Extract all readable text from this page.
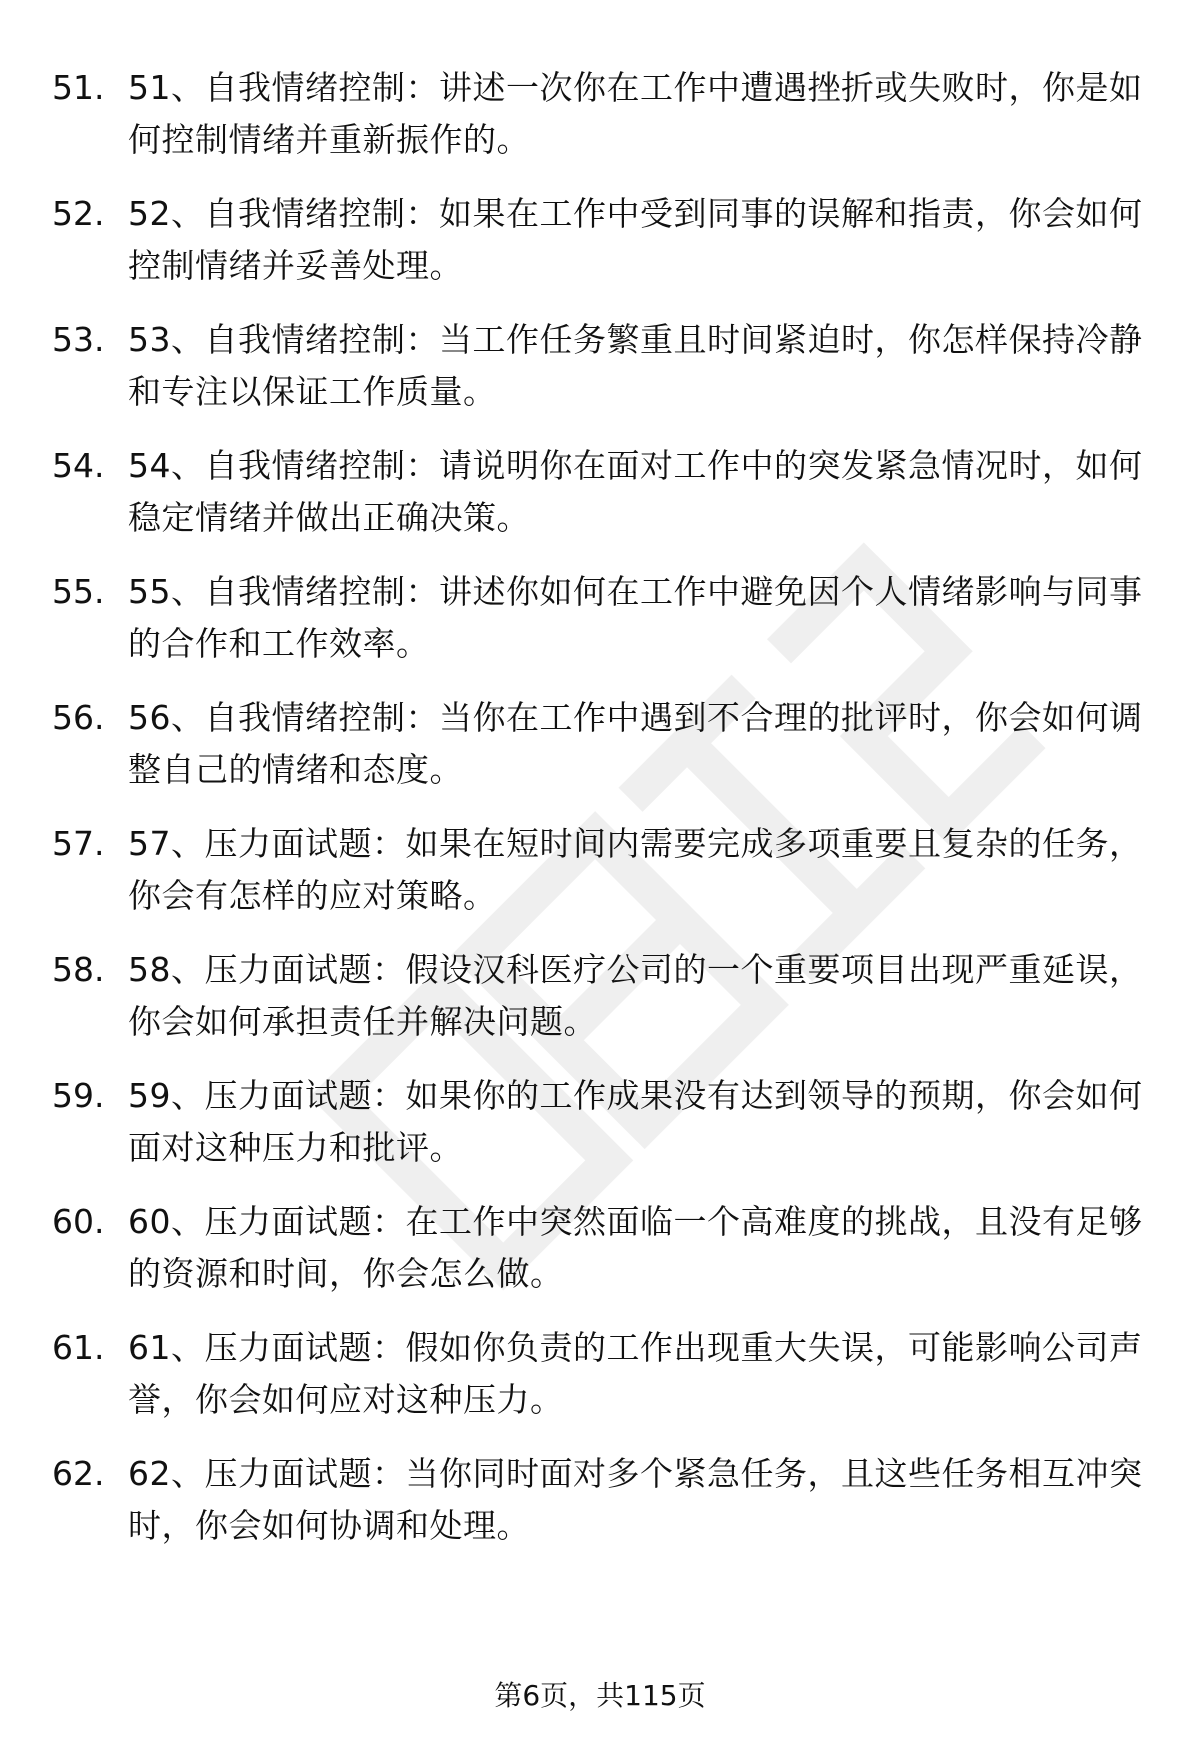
51. 51、自我情绪控制：讲述一次你在工作中遭遇挫折或失败时，你是如何控制情绪并重新振作的。
52. 52、自我情绪控制：如果在工作中受到同事的误解和指责，你会如何控制情绪并妥善处理。
53. 53、自我情绪控制：当工作任务繁重且时间紧迫时，你怎样保持冷静和专注以保证工作质量。
54. 54、自我情绪控制：请说明你在面对工作中的突发紧急情况时，如何稳定情绪并做出正确决策。
55. 55、自我情绪控制：讲述你如何在工作中避免因个人情绪影响与同事的合作和工作效率。
56. 56、自我情绪控制：当你在工作中遇到不合理的批评时，你会如何调整自己的情绪和态度。
57. 57、压力面试题：如果在短时间内需要完成多项重要且复杂的任务，你会有怎样的应对策略。
58. 58、压力面试题：假设汉科医疗公司的一个重要项目出现严重延误，你会如何承担责任并解决问题。
59. 59、压力面试题：如果你的工作成果没有达到领导的预期，你会如何面对这种压力和批评。
60. 60、压力面试题：在工作中突然面临一个高难度的挑战，且没有足够的资源和时间，你会怎么做。
61. 61、压力面试题：假如你负责的工作出现重大失误，可能影响公司声誉，你会如何应对这种压力。
62. 62、压力面试题：当你同时面对多个紧急任务，且这些任务相互冲突时，你会如何协调和处理。
第6页，共115页
